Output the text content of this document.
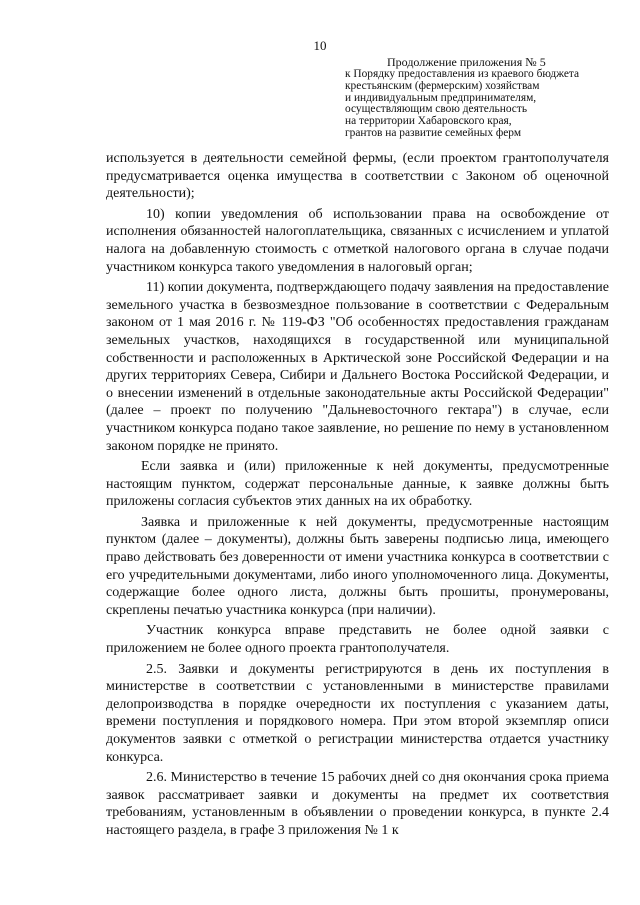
10
Продолжение приложения № 5
к Порядку предоставления из краевого бюджета
крестьянским (фермерским) хозяйствам
и индивидуальным предпринимателям,
осуществляющим свою деятельность
на территории Хабаровского края,
грантов на развитие семейных ферм

используется в деятельности семейной фермы, (если проектом грантополучателя предусматривается оценка имущества в соответствии с Законом об оценочной деятельности);

10) копии уведомления об использовании права на освобождение от исполнения обязанностей налогоплательщика, связанных с исчислением и уплатой налога на добавленную стоимость с отметкой налогового органа в случае подачи участником конкурса такого уведомления в налоговый орган;

11) копии документа, подтверждающего подачу заявления на предоставление земельного участка в безвозмездное пользование в соответствии с Федеральным законом от 1 мая 2016 г. № 119-ФЗ "Об особенностях предоставления гражданам земельных участков, находящихся в государственной или муниципальной собственности и расположенных в Арктической зоне Российской Федерации и на других территориях Севера, Сибири и Дальнего Востока Российской Федерации, и о внесении изменений в отдельные законодательные акты Российской Федерации" (далее – проект по получению "Дальневосточного гектара") в случае, если участником конкурса подано такое заявление, но решение по нему в установленном законом порядке не принято.

Если заявка и (или) приложенные к ней документы, предусмотренные настоящим пунктом, содержат персональные данные, к заявке должны быть приложены согласия субъектов этих данных на их обработку.

Заявка и приложенные к ней документы, предусмотренные настоящим пунктом (далее – документы), должны быть заверены подписью лица, имеющего право действовать без доверенности от имени участника конкурса в соответствии с его учредительными документами, либо иного уполномоченного лица. Документы, содержащие более одного листа, должны быть прошиты, пронумерованы, скреплены печатью участника конкурса (при наличии).

Участник конкурса вправе представить не более одной заявки с приложением не более одного проекта грантополучателя.

2.5. Заявки и документы регистрируются в день их поступления в министерстве в соответствии с установленными в министерстве правилами делопроизводства в порядке очередности их поступления с указанием даты, времени поступления и порядкового номера. При этом второй экземпляр описи документов заявки с отметкой о регистрации министерства отдается участнику конкурса.

2.6. Министерство в течение 15 рабочих дней со дня окончания срока приема заявок рассматривает заявки и документы на предмет их соответствия требованиям, установленным в объявлении о проведении конкурса, в пункте 2.4 настоящего раздела, в графе 3 приложения № 1 к
